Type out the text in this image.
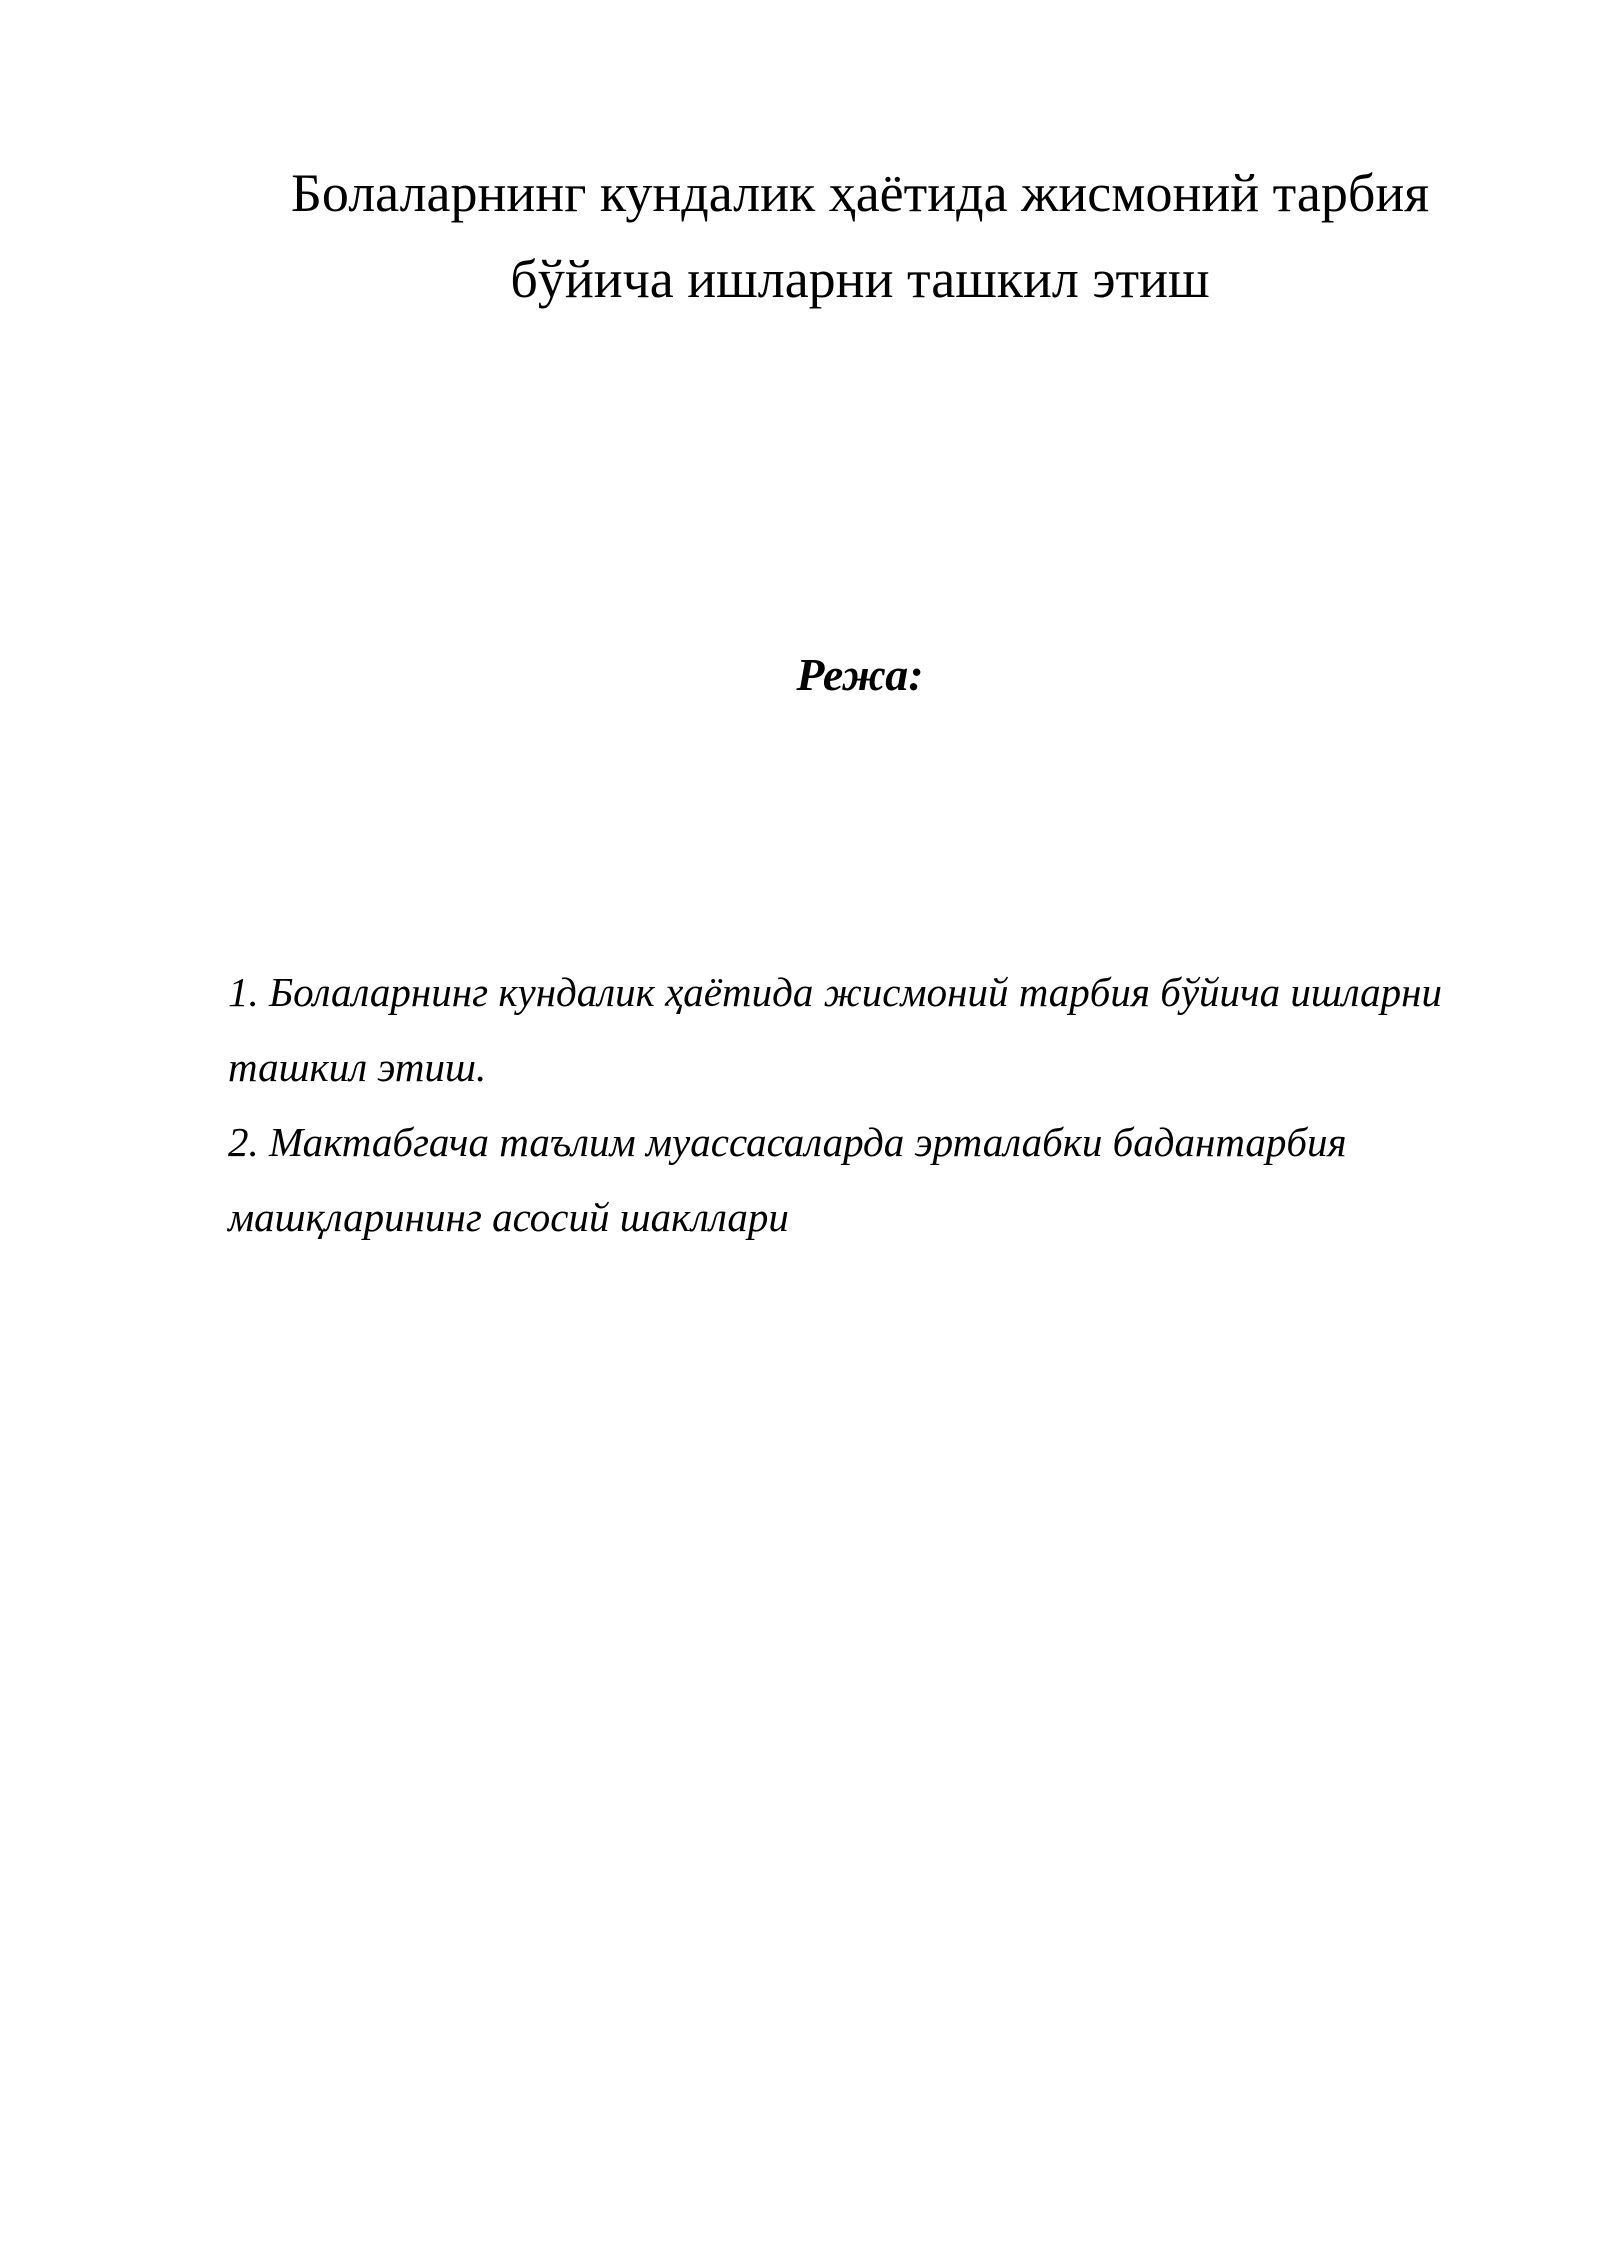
Болаларнинг кундалик ҳаётида жисмоний тарбия
бўйича ишларни ташкил этиш
Режа:
1. Болаларнинг кундалик ҳаётида жисмоний тарбия бўйича ишларни ташкил этиш.
2. Мактабгача таълим муассасаларда эрталабки бадантарбия машқларининг асосий шакллари
